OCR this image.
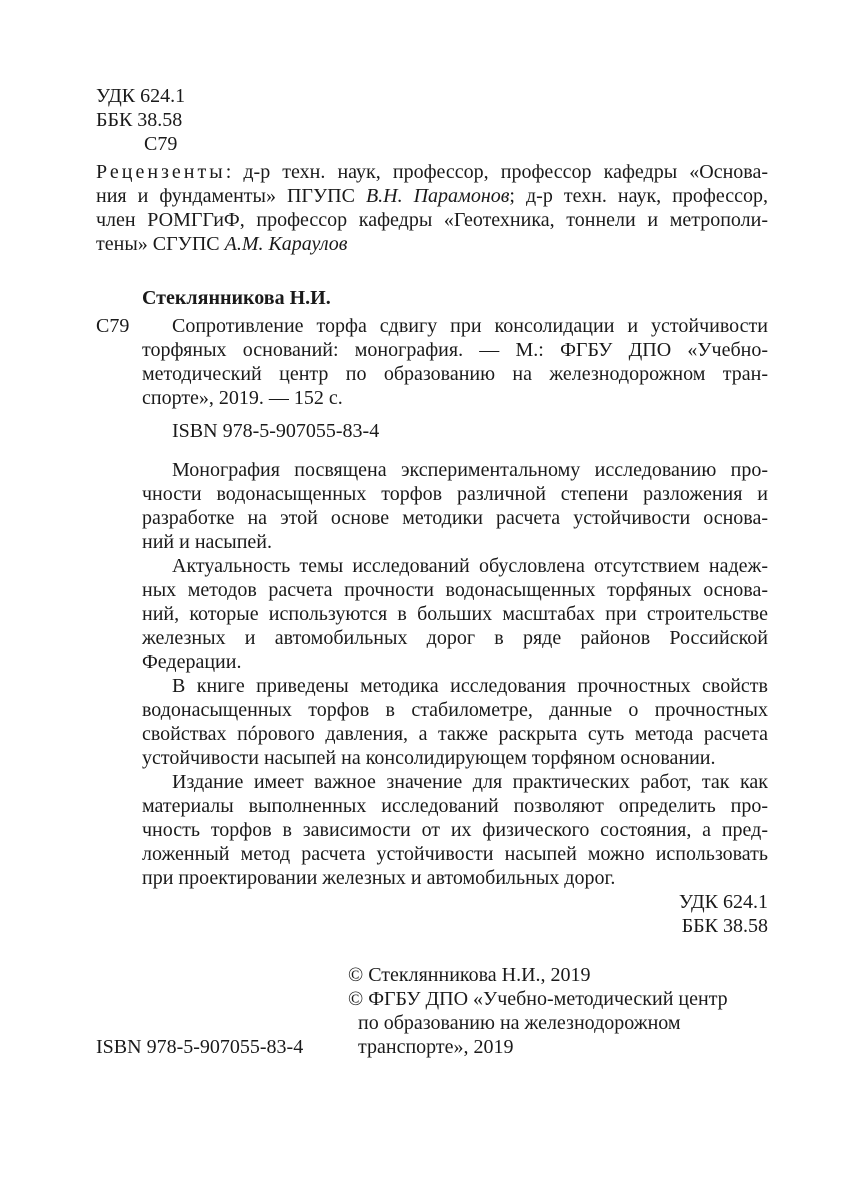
УДК 624.1
ББК 38.58
С79
Рецензенты: д-р техн. наук, профессор, профессор кафедры «Основа-
ния и фундаменты» ПГУПС В.Н. Парамонов; д-р техн. наук, профессор,
член РОМГГиФ, профессор кафедры «Геотехника, тоннели и метрополи-
тены» СГУПС А.М. Караулов
Стеклянникова Н.И.
С79 Сопротивление торфа сдвигу при консолидации и устойчивости
торфяных оснований: монография. — М.: ФГБУ ДПО «Учебно-
методический центр по образованию на железнодорожном тран-
спорте», 2019. — 152 с.
ISBN 978-5-907055-83-4
Монография посвящена экспериментальному исследованию про-
чности водонасыщенных торфов различной степени разложения и
разработке на этой основе методики расчета устойчивости основа-
ний и насыпей.
Актуальность темы исследований обусловлена отсутствием надеж-
ных методов расчета прочности водонасыщенных торфяных основа-
ний, которые используются в больших масштабах при строительстве
железных и автомобильных дорог в ряде районов Российской
Федерации.
В книге приведены методика исследования прочностных свойств
водонасыщенных торфов в стабилометре, данные о прочностных
свойствах пóрового давления, а также раскрыта суть метода расчета
устойчивости насыпей на консолидирующем торфяном основании.
Издание имеет важное значение для практических работ, так как
материалы выполненных исследований позволяют определить про-
чность торфов в зависимости от их физического состояния, а пред-
ложенный метод расчета устойчивости насыпей можно использовать
при проектировании железных и автомобильных дорог.
УДК 624.1
ББК 38.58
© Стеклянникова Н.И., 2019
© ФГБУ ДПО «Учебно-методический центр
по образованию на железнодорожном
транспорте», 2019
ISBN 978-5-907055-83-4
